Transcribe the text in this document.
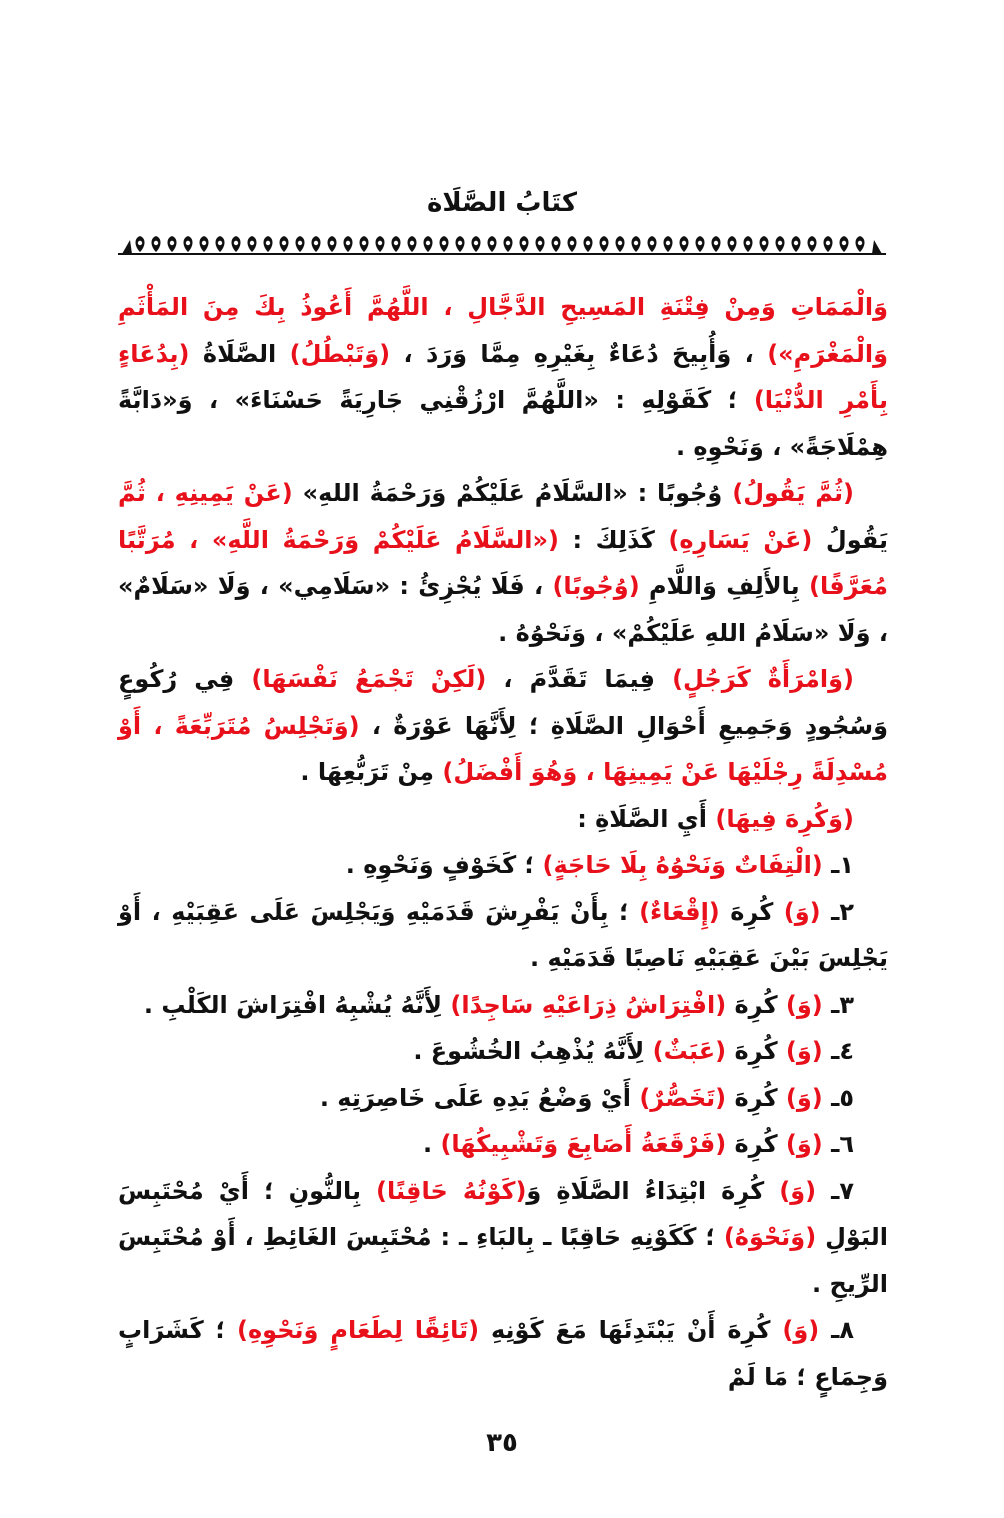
كتَابُ الصَّلَاة

وَالْمَمَاتِ وَمِنْ فِتْنَةِ المَسِيحِ الدَّجَّالِ ، اللَّهُمَّ أَعُوذُ بِكَ مِنَ المَأْثَمِ وَالْمَغْرَمِ») ، وَأُبِيحَ دُعَاءٌ بِغَيْرِهِ مِمَّا وَرَدَ ، (وَتَبْطُلُ) الصَّلَاةُ (بِدُعَاءٍ بِأَمْرِ الدُّنْيَا) ؛ كَقَوْلِهِ : «اللَّهُمَّ ارْزُقْنِي جَارِيَةً حَسْنَاءَ» ، وَ«دَابَّةً هِمْلَاجَةً» ، وَنَحْوِهِ .

(ثُمَّ يَقُولُ) وُجُوبًا : «السَّلَامُ عَلَيْكُمْ وَرَحْمَةُ اللهِ» (عَنْ يَمِينِهِ ، ثُمَّ يَقُولُ (عَنْ يَسَارِهِ) كَذَلِكَ : («السَّلَامُ عَلَيْكُمْ وَرَحْمَةُ اللَّهِ» ، مُرَتَّبًا مُعَرَّفًا) بِالأَلِفِ وَاللَّامِ (وُجُوبًا) ، فَلَا يُجْزِئُ : «سَلَامِي» ، وَلَا «سَلَامٌ» ، وَلَا «سَلَامُ اللهِ عَلَيْكُمْ» ، وَنَحْوُهُ .

(وَامْرَأَةٌ كَرَجُلٍ) فِيمَا تَقَدَّمَ ، (لَكِنْ تَجْمَعُ نَفْسَهَا) فِي رُكُوعٍ وَسُجُودٍ وَجَمِيعِ أَحْوَالِ الصَّلَاةِ ؛ لِأَنَّهَا عَوْرَةٌ ، (وَتَجْلِسُ مُتَرَبِّعَةً ، أَوْ مُسْدِلَةً رِجْلَيْهَا عَنْ يَمِينِهَا ، وَهُوَ أَفْضَلُ) مِنْ تَرَبُّعِهَا .

(وَكُرِهَ فِيهَا) أَيِ الصَّلَاةِ :

١ـ (الْتِفَاتٌ وَنَحْوُهُ بِلَا حَاجَةٍ) ؛ كَخَوْفٍ وَنَحْوِهِ .

٢ـ (وَ) كُرِهَ (إِقْعَاءٌ) ؛ بِأَنْ يَفْرِشَ قَدَمَيْهِ وَيَجْلِسَ عَلَى عَقِبَيْهِ ، أَوْ يَجْلِسَ بَيْنَ عَقِبَيْهِ نَاصِبًا قَدَمَيْهِ .

٣ـ (وَ) كُرِهَ (افْتِرَاشُ ذِرَاعَيْهِ سَاجِدًا) لِأَنَّهُ يُشْبِهُ افْتِرَاشَ الكَلْبِ .

٤ـ (وَ) كُرِهَ (عَبَثٌ) لِأَنَّهُ يُذْهِبُ الخُشُوعَ .

٥ـ (وَ) كُرِهَ (تَخَصُّرٌ) أَيْ وَضْعُ يَدِهِ عَلَى خَاصِرَتِهِ .

٦ـ (وَ) كُرِهَ (فَرْقَعَةُ أَصَابِعَ وَتَشْبِيكُهَا) .

٧ـ (وَ) كُرِهَ ابْتِدَاءُ الصَّلَاةِ وَ(كَوْنُهُ حَاقِنًا) بِالنُّونِ ؛ أَيْ مُحْتَبِسَ البَوْلِ (وَنَحْوَهُ) ؛ كَكَوْنِهِ حَاقِبًا ـ بِالبَاءِ ـ : مُحْتَبِسَ الغَائِطِ ، أَوْ مُحْتَبِسَ الرِّيحِ .

٨ـ (وَ) كُرِهَ أَنْ يَبْتَدِئَهَا مَعَ كَوْنِهِ (تَائِقًا لِطَعَامٍ وَنَحْوِهِ) ؛ كَشَرَابٍ وَجِمَاعٍ ؛ مَا لَمْ

٣٥
